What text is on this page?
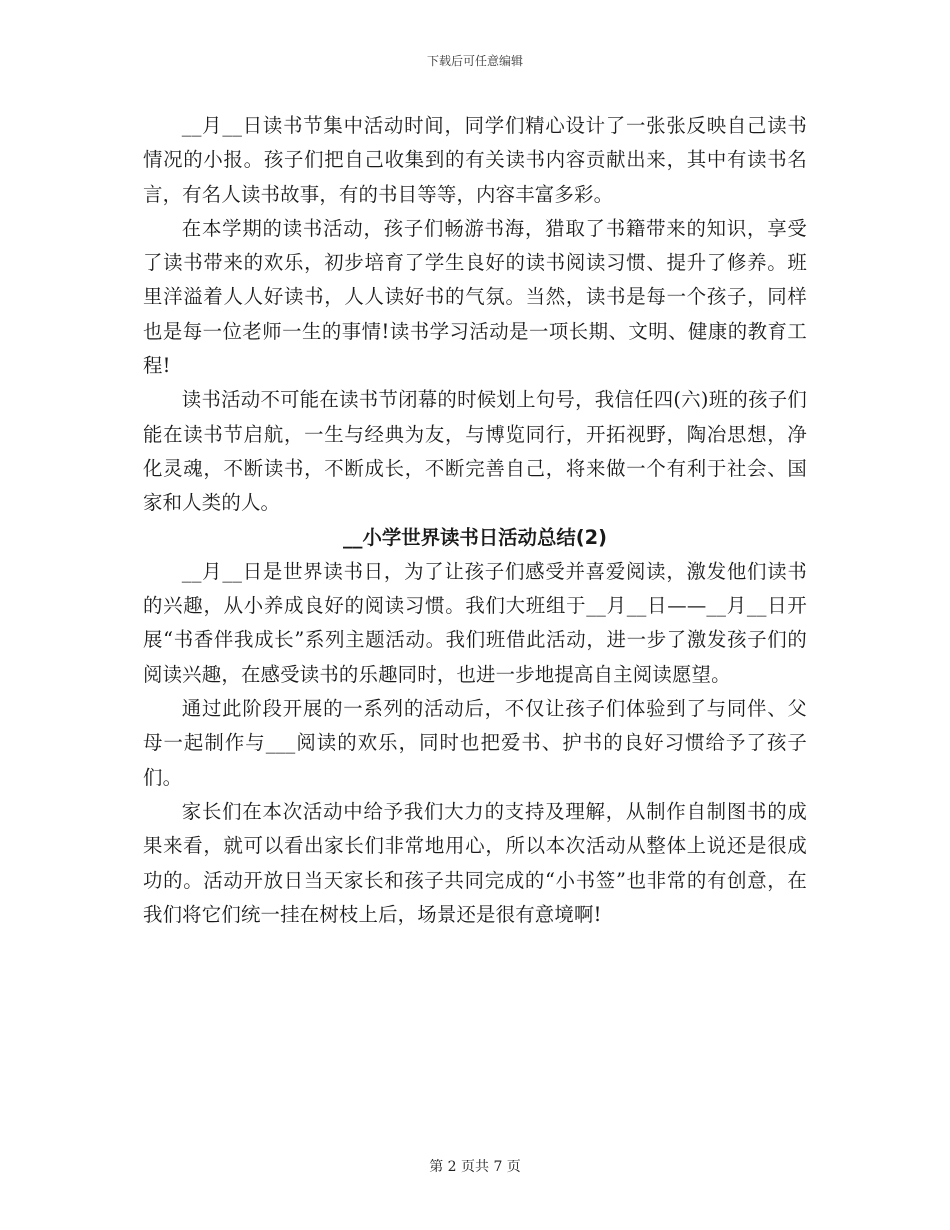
下载后可任意编辑

__月__日读书节集中活动时间，同学们精心设计了一张张反映自己读书情况的小报。孩子们把自己收集到的有关读书内容贡献出来，其中有读书名言，有名人读书故事，有的书目等等，内容丰富多彩。

在本学期的读书活动，孩子们畅游书海，猎取了书籍带来的知识，享受了读书带来的欢乐，初步培育了学生良好的读书阅读习惯、提升了修养。班里洋溢着人人好读书，人人读好书的气氛。当然，读书是每一个孩子，同样也是每一位老师一生的事情!读书学习活动是一项长期、文明、健康的教育工程!

读书活动不可能在读书节闭幕的时候划上句号，我信任四(六)班的孩子们能在读书节启航，一生与经典为友，与博览同行，开拓视野，陶冶思想，净化灵魂，不断读书，不断成长，不断完善自己，将来做一个有利于社会、国家和人类的人。

__小学世界读书日活动总结(2)

__月__日是世界读书日，为了让孩子们感受并喜爱阅读，激发他们读书的兴趣，从小养成良好的阅读习惯。我们大班组于__月__日——__月__日开展“书香伴我成长”系列主题活动。我们班借此活动，进一步了激发孩子们的阅读兴趣，在感受读书的乐趣同时，也进一步地提高自主阅读愿望。

通过此阶段开展的一系列的活动后，不仅让孩子们体验到了与同伴、父母一起制作与___阅读的欢乐，同时也把爱书、护书的良好习惯给予了孩子们。

家长们在本次活动中给予我们大力的支持及理解，从制作自制图书的成果来看，就可以看出家长们非常地用心，所以本次活动从整体上说还是很成功的。活动开放日当天家长和孩子共同完成的“小书签”也非常的有创意，在我们将它们统一挂在树枝上后，场景还是很有意境啊!

第 2 页共 7 页
